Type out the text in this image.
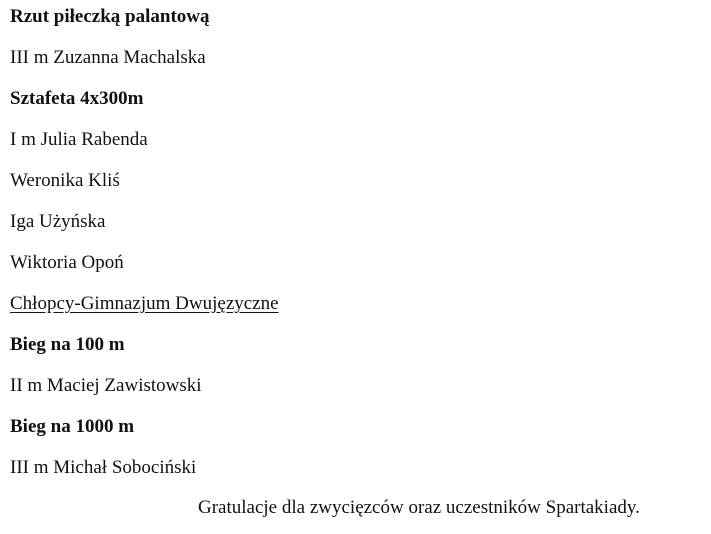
Rzut piłeczką palantową
III m Zuzanna Machalska
Sztafeta 4x300m
I m Julia Rabenda
Weronika Kliś
Iga Użyńska
Wiktoria Opoń
Chłopcy-Gimnazjum Dwujęzyczne
Bieg na 100 m
II m Maciej Zawistowski
Bieg na 1000 m
III m Michał Sobociński
Gratulacje dla zwycięzców oraz uczestników Spartakiady.
